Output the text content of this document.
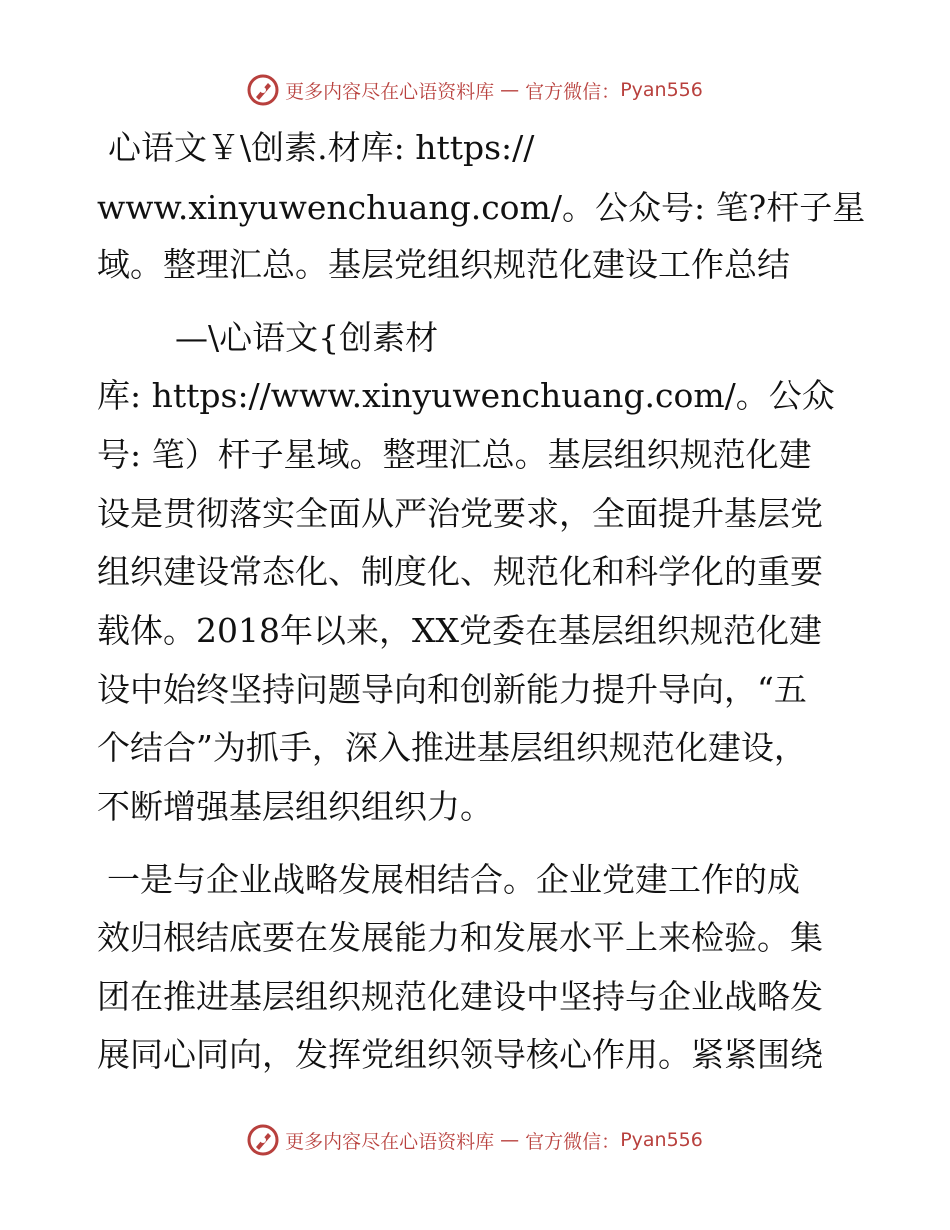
更多内容尽在心语资料库 — 官方微信： Pyan556
心语文￥\创素.材库: https://
www.xinyuwenchuang.com/。公众号: 笔?杆子星
域。整理汇总。基层党组织规范化建设工作总结
—\心语文{创素材
库: https://www.xinyuwenchuang.com/。公众
号: 笔）杆子星域。整理汇总。基层组织规范化建
设是贯彻落实全面从严治党要求，全面提升基层党
组织建设常态化、制度化、规范化和科学化的重要
载体。2018年以来，XX党委在基层组织规范化建
设中始终坚持问题导向和创新能力提升导向，“五
个结合”为抓手，深入推进基层组织规范化建设，
不断增强基层组织组织力。
一是与企业战略发展相结合。企业党建工作的成
效归根结底要在发展能力和发展水平上来检验。集
团在推进基层组织规范化建设中坚持与企业战略发
展同心同向，发挥党组织领导核心作用。紧紧围绕
更多内容尽在心语资料库 — 官方微信： Pyan556
